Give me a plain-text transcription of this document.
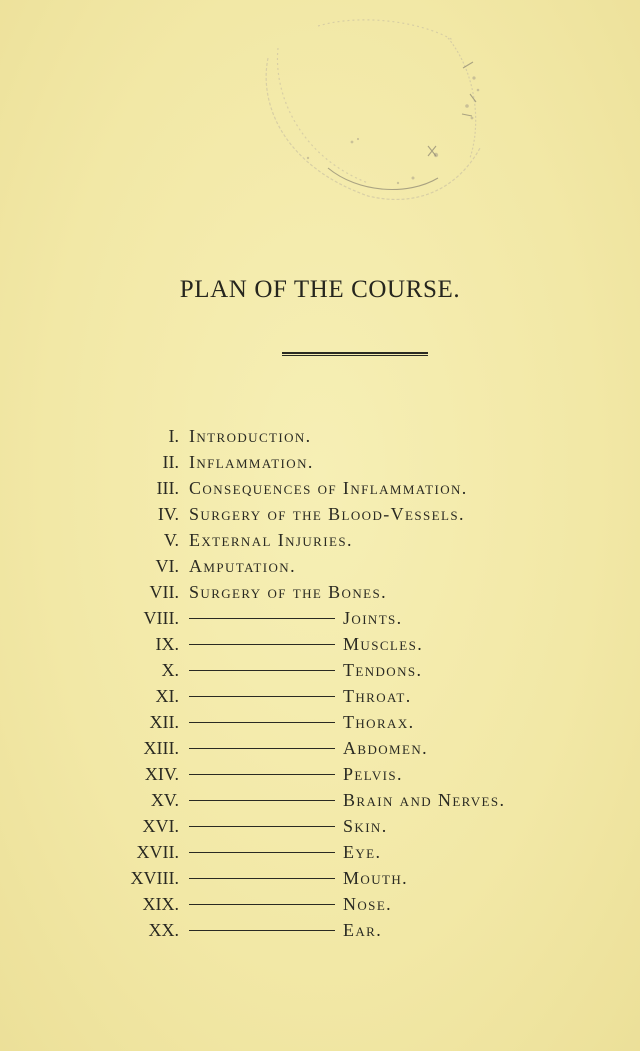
PLAN OF THE COURSE.
I. Introduction.
II. Inflammation.
III. Consequences of Inflammation.
IV. Surgery of the Blood-Vessels.
V. External Injuries.
VI. Amputation.
VII. Surgery of the Bones.
VIII.	Joints.
IX.	Muscles.
X.	Tendons.
XI.	Throat.
XII.	Thorax.
XIII.	Abdomen.
XIV.	Pelvis.
XV.	Brain and Nerves.
XVI.	Skin.
XVII.	Eye.
XVIII.	Mouth.
XIX.	Nose.
XX.	Ear.
